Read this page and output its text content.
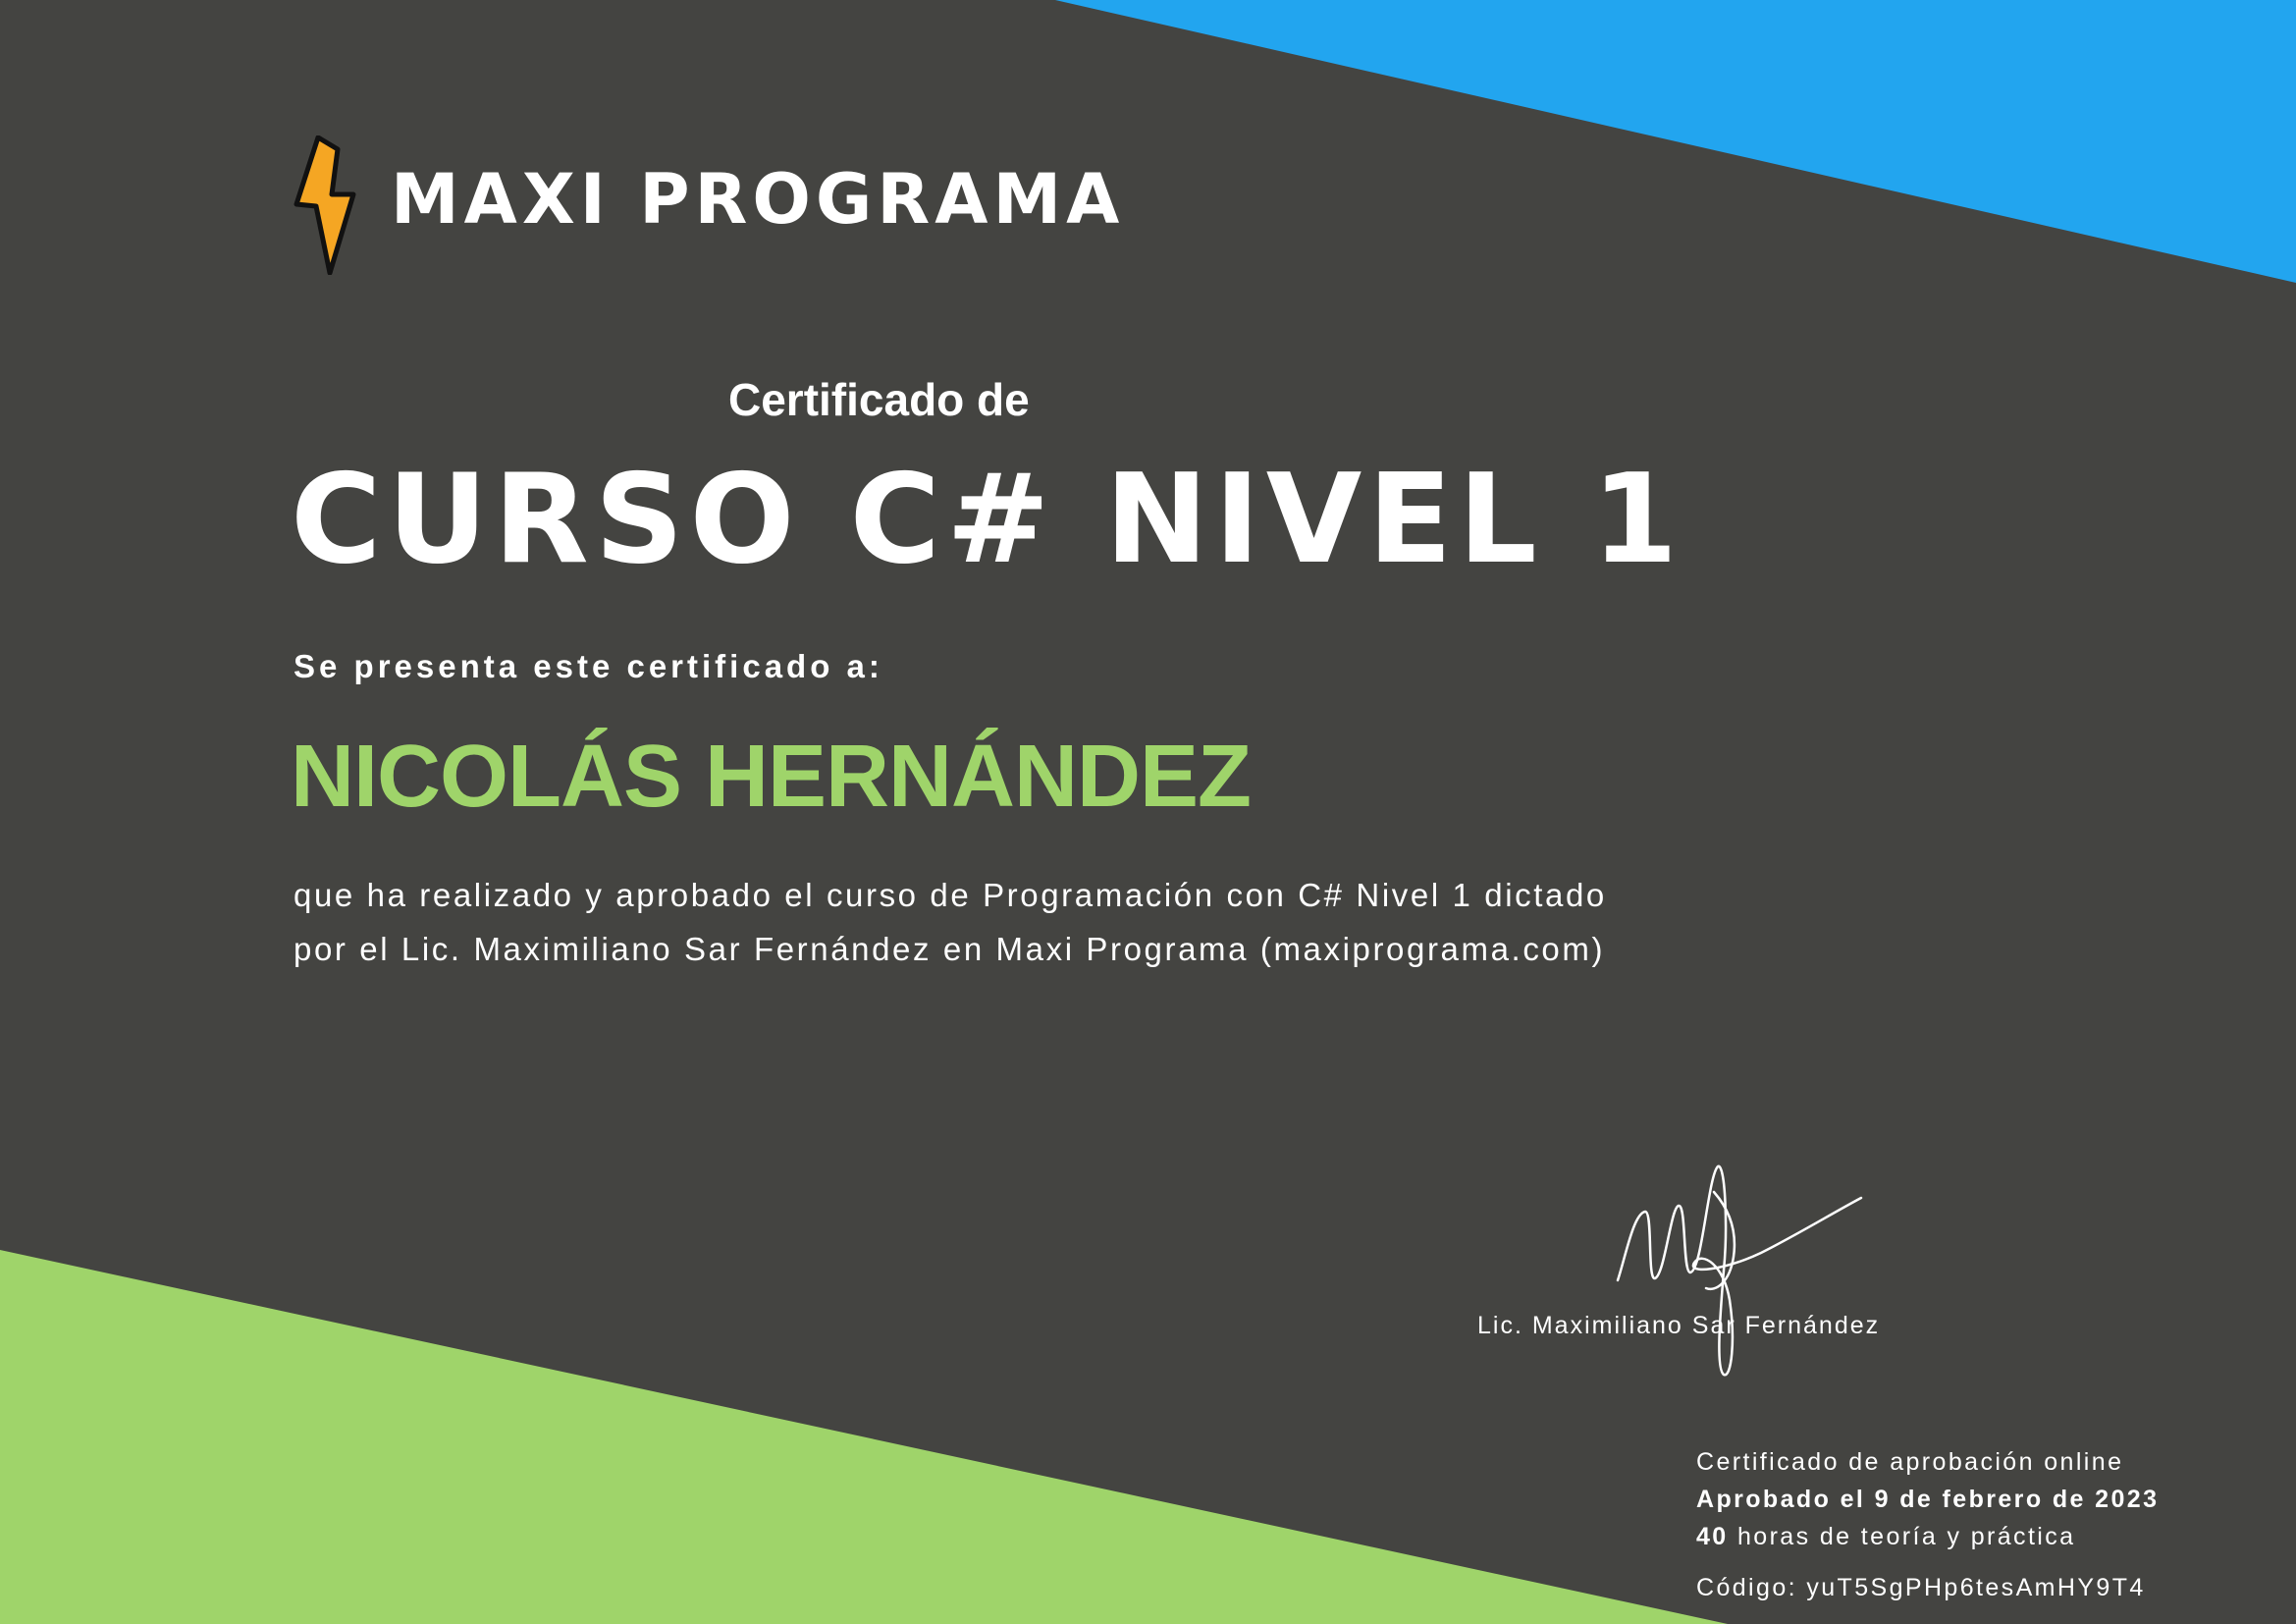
MAXI PROGRAMA
Certificado de
CURSO C# NIVEL 1
Se presenta este certificado a:
NICOLÁS HERNÁNDEZ
que ha realizado y aprobado el curso de Programación con C# Nivel 1 dictado
por el Lic. Maximiliano Sar Fernández en Maxi Programa (maxiprograma.com)
Lic. Maximiliano Sar Fernández
Certificado de aprobación online
Aprobado el 9 de febrero de 2023
40 horas de teoría y práctica
Código: yuT5SgPHp6tesAmHY9T4
